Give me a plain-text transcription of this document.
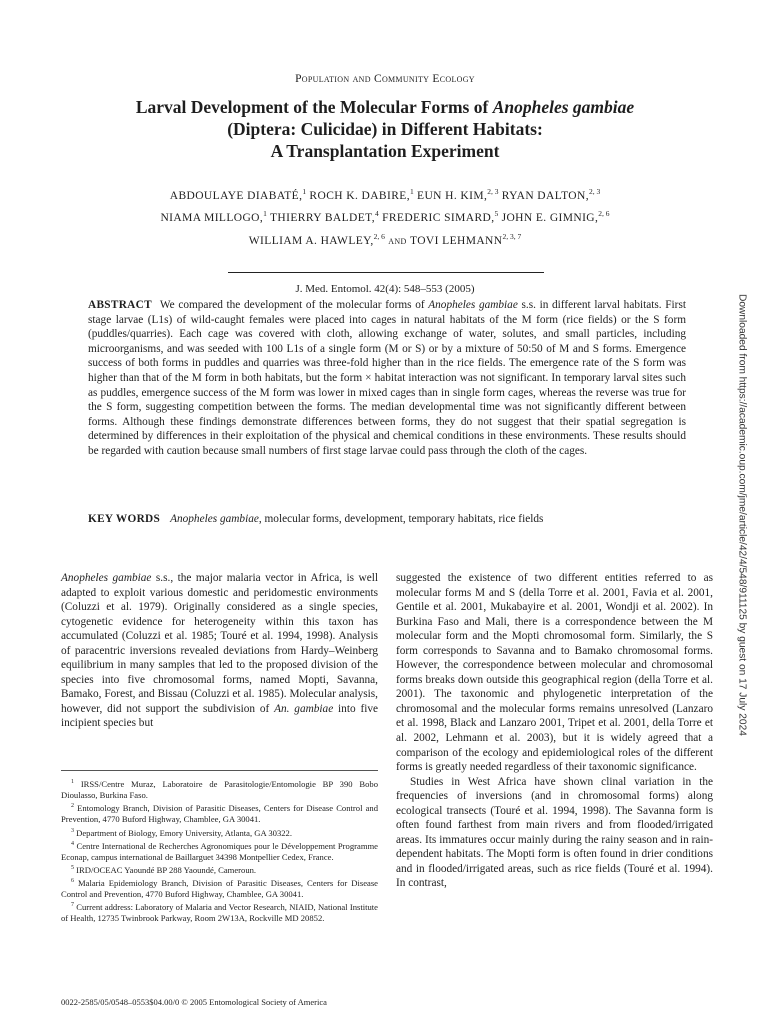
Population and Community Ecology
Larval Development of the Molecular Forms of Anopheles gambiae
(Diptera: Culicidae) in Different Habitats:
A Transplantation Experiment
ABDOULAYE DIABATÉ,$^1$ ROCH K. DABIRE,$^1$ EUN H. KIM,$^{2, 3}$ RYAN DALTON,$^{2, 3}$
NIAMA MILLOGO,$^1$ THIERRY BALDET,$^4$ FREDERIC SIMARD,$^5$ JOHN E. GIMNIG,$^{2, 6}$
WILLIAM A. HAWLEY,$^{2, 6}$ and TOVI LEHMANN$^{2, 3, 7}$
J. Med. Entomol. 42(4): 548–553 (2005)
ABSTRACT We compared the development of the molecular forms of Anopheles gambiae s.s. in different larval habitats. First stage larvae (L1s) of wild-caught females were placed into cages in natural habitats of the M form (rice fields) or the S form (puddles/quarries). Each cage was covered with cloth, allowing exchange of water, solutes, and small particles, including microorganisms, and was seeded with 100 L1s of a single form (M or S) or by a mixture of 50:50 of M and S forms. Emergence success of both forms in puddles and quarries was three-fold higher than in the rice fields. The emergence rate of the S form was higher than that of the M form in both habitats, but the form × habitat interaction was not significant. In temporary larval sites such as puddles, emergence success of the M form was lower in mixed cages than in single form cages, whereas the reverse was true for the S form, suggesting competition between the forms. The median developmental time was not significantly different between forms. Although these findings demonstrate differences between forms, they do not suggest that their spatial segregation is determined by differences in their exploitation of the physical and chemical conditions in these environments. These results should be regarded with caution because small numbers of first stage larvae could pass through the cloth of the cages.
KEY WORDS Anopheles gambiae, molecular forms, development, temporary habitats, rice fields

Anopheles gambiae s.s., the major malaria vector in Africa, is well adapted to exploit various domestic and peridomestic environments (Coluzzi et al. 1979). Originally considered as a single species, cytogenetic evidence for heterogeneity within this taxon has accumulated (Coluzzi et al. 1985; Touré et al. 1994, 1998). Analysis of paracentric inversions revealed deviations from Hardy–Weinberg equilibrium in many samples that led to the proposed division of the species into five chromosomal forms, named Mopti, Savanna, Bamako, Forest, and Bissau (Coluzzi et al. 1985). Molecular analysis, however, did not support the subdivision of An. gambiae into five incipient species but

$^1$ IRSS/Centre Muraz, Laboratoire de Parasitologie/Entomologie BP 390 Bobo Dioulasso, Burkina Faso.

$^2$ Entomology Branch, Division of Parasitic Diseases, Centers for Disease Control and Prevention, 4770 Buford Highway, Chamblee, GA 30041.

$^3$ Department of Biology, Emory University, Atlanta, GA 30322.

$^4$ Centre International de Recherches Agronomiques pour le Développement Programme Econap, campus international de Baillarguet 34398 Montpellier Cedex, France.

$^5$ IRD/OCEAC Yaoundé BP 288 Yaoundé, Cameroun.

$^6$ Malaria Epidemiology Branch, Division of Parasitic Diseases, Centers for Disease Control and Prevention, 4770 Buford Highway, Chamblee, GA 30041.

$^7$ Current address: Laboratory of Malaria and Vector Research, NIAID, National Institute of Health, 12735 Twinbrook Parkway, Room 2W13A, Rockville MD 20852.

suggested the existence of two different entities referred to as molecular forms M and S (della Torre et al. 2001, Favia et al. 2001, Gentile et al. 2001, Mukabayire et al. 2001, Wondji et al. 2002). In Burkina Faso and Mali, there is a correspondence between the M molecular form and the Mopti chromosomal form. Similarly, the S form corresponds to Savanna and to Bamako chromosomal forms. However, the correspondence between molecular and chromosomal forms breaks down outside this geographical region (della Torre et al. 2001). The taxonomic and phylogenetic interpretation of the chromosomal and the molecular forms remains unresolved (Lanzaro et al. 1998, Black and Lanzaro 2001, Tripet et al. 2001, della Torre et al. 2002, Lehmann et al. 2003), but it is widely agreed that a comparison of the ecology and epidemiological roles of the different forms is greatly needed regardless of their taxonomic significance.

Studies in West Africa have shown clinal variation in the frequencies of inversions (and in chromosomal forms) along ecological transects (Touré et al. 1994, 1998). The Savanna form is often found farthest from main rivers and from flooded/irrigated areas. Its immatures occur mainly during the rainy season and in rain-dependent habitats. The Mopti form is often found in drier conditions and in flooded/irrigated areas, such as rice fields (Touré et al. 1994). In contrast,

0022-2585/05/0548–0553$04.00/0 © 2005 Entomological Society of America
Downloaded from https://academic.oup.com/jme/article/42/4/548/911125 by guest on 17 July 2024
